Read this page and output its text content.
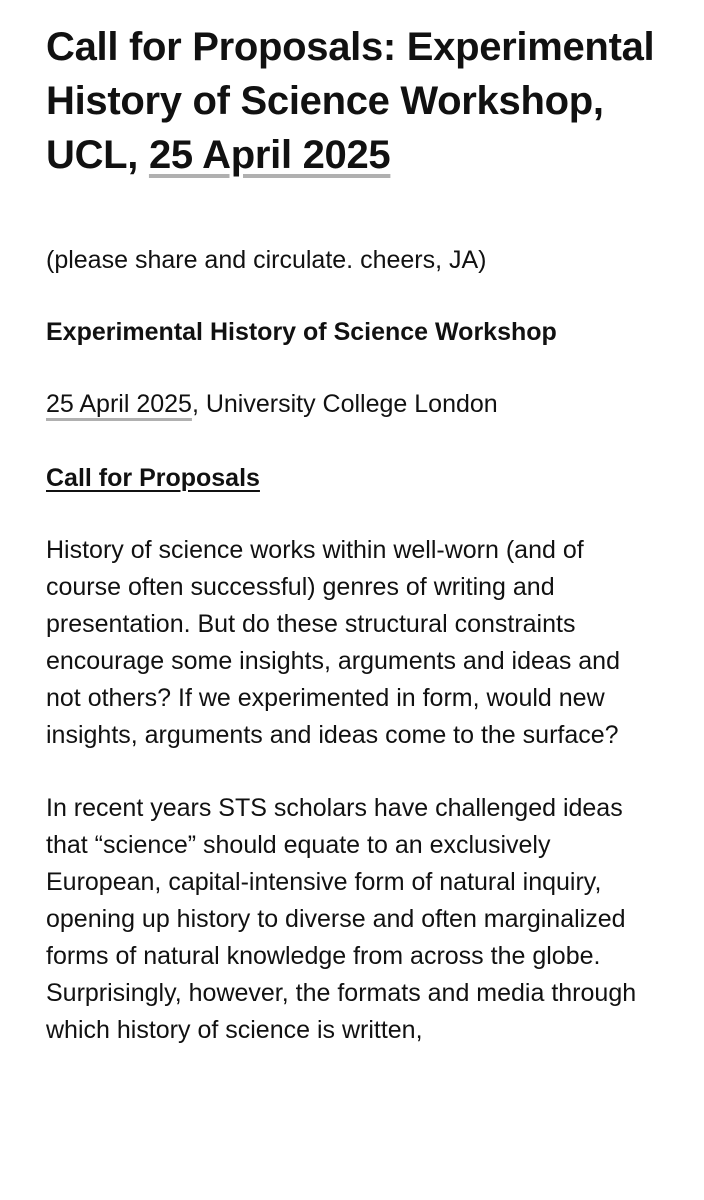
Call for Proposals: Experimental History of Science Workshop, UCL, 25 April 2025

(please share and circulate. cheers, JA)

Experimental History of Science Workshop

25 April 2025, University College London

Call for Proposals

History of science works within well-worn (and of course often successful) genres of writing and presentation. But do these structural constraints encourage some insights, arguments and ideas and not others? If we experimented in form, would new insights, arguments and ideas come to the surface?

In recent years STS scholars have challenged ideas that “science” should equate to an exclusively European, capital-intensive form of natural inquiry, opening up history to diverse and often marginalized forms of natural knowledge from across the globe. Surprisingly, however, the formats and media through which history of science is written,
